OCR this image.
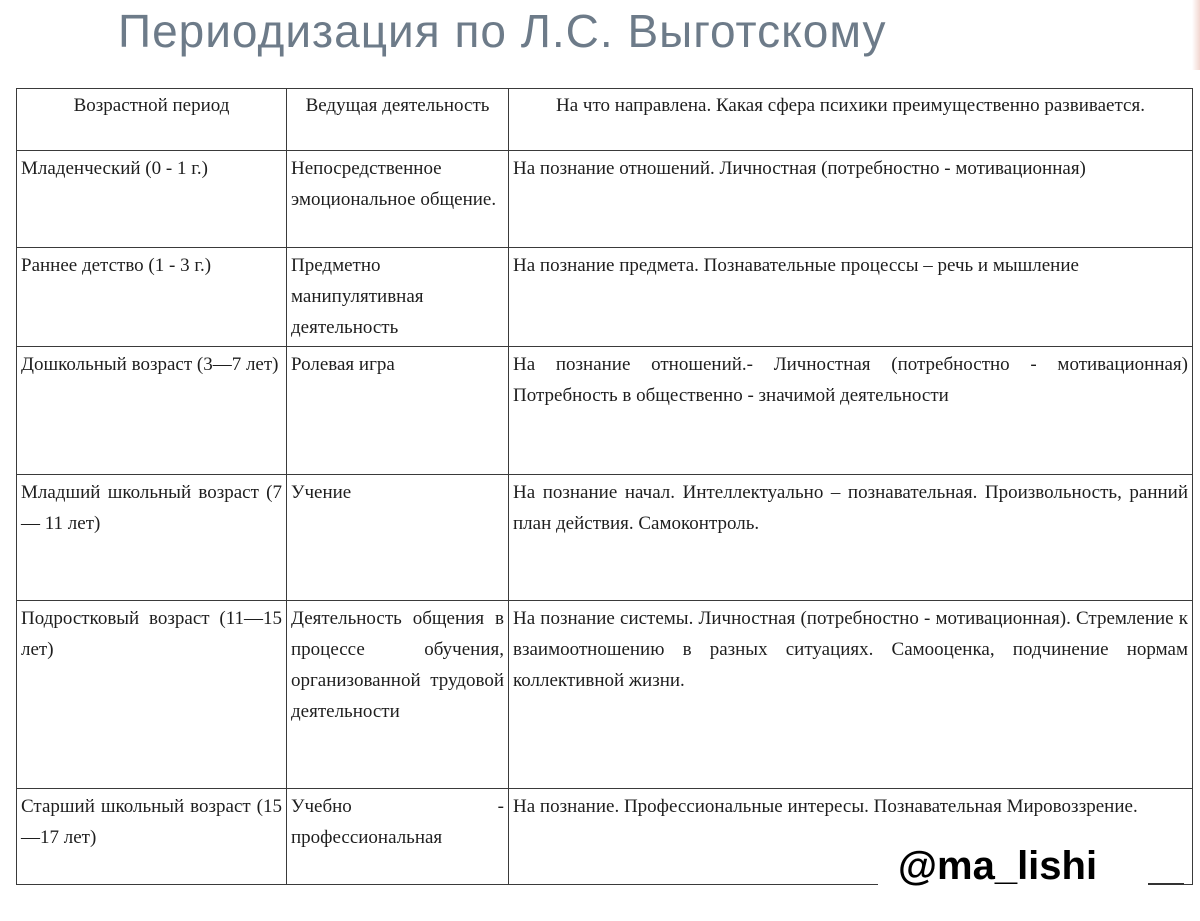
Периодизация по Л.С. Выготскому
Возрастной период	Ведущая деятельность	На что направлена. Какая сфера психики преимущественно развивается.
Младенческий (0 - 1 г.)	Непосредственное эмоциональное общение.	На познание отношений. Личностная (потребностно - мотивационная)
Раннее детство (1 - 3 г.)	Предметно манипулятивная деятельность	На познание предмета. Познавательные процессы – речь и мышление
Дошкольный возраст (3—7 лет)	Ролевая игра	На познание отношений.- Личностная (потребностно - мотивационная) Потребность в общественно - значимой деятельности
Младший школьный возраст (7— 11 лет)	Учение	На познание начал. Интеллектуально – познавательная. Произвольность, ранний план действия. Самоконтроль.
Подростковый возраст (11—15 лет)	Деятельность общения в процессе обучения, организованной трудовой деятельности	На познание системы. Личностная (потребностно - мотивационная). Стремление к взаимоотношению в разных ситуациях. Самооценка, подчинение нормам коллективной жизни.
Старший школьный возраст (15—17 лет)	Учебно - профессиональная	На познание. Профессиональные интересы. Познавательная Мировоззрение.
@ma_lishi
